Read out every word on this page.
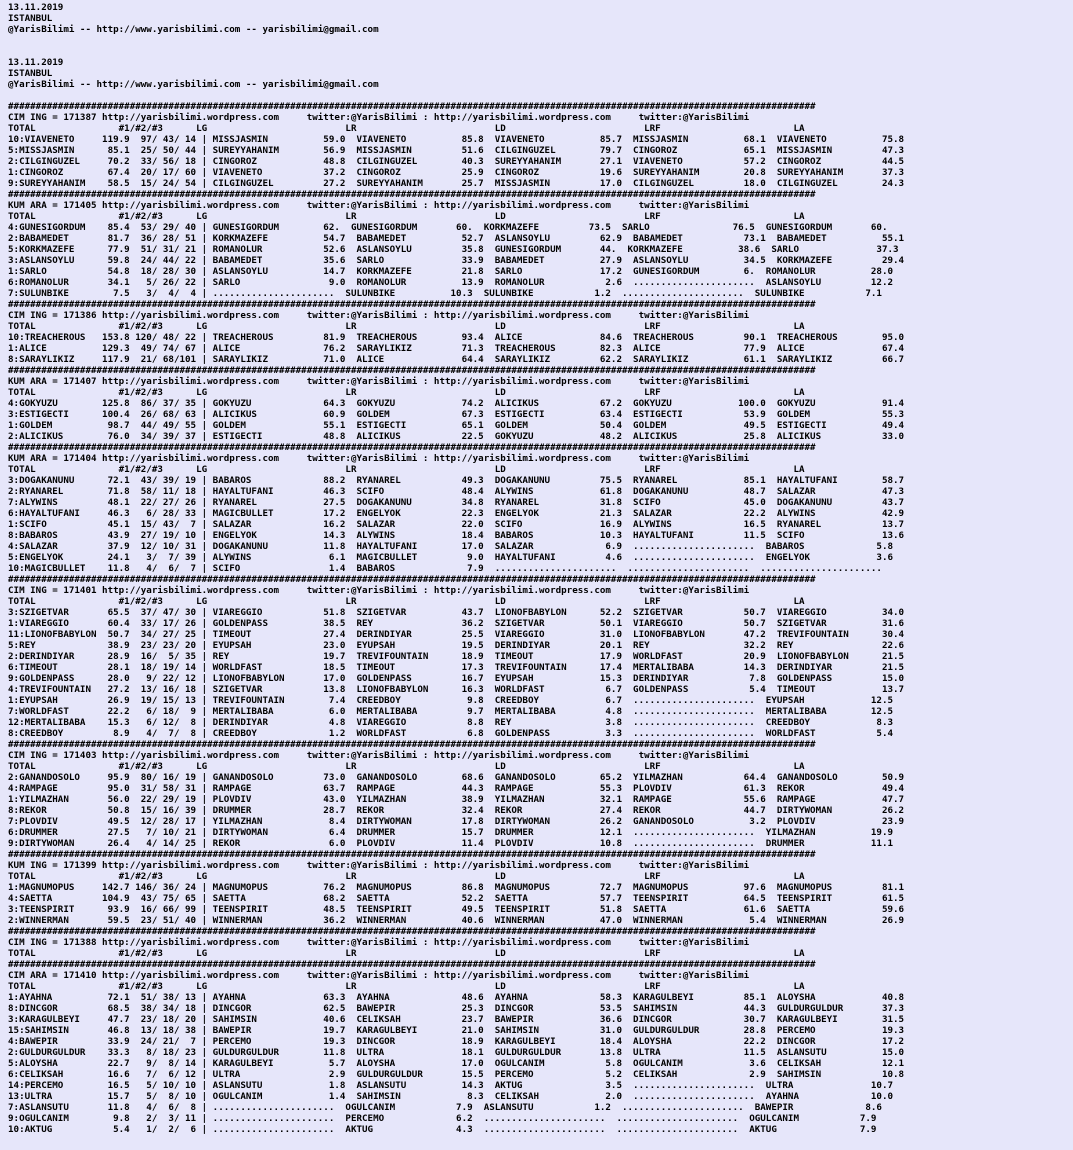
13.11.2019
ISTANBUL
@YarisBilimi -- http://www.yarisbilimi.com -- yarisbilimi@gmail.com

13.11.2019
ISTANBUL
@YarisBilimi -- http://www.yarisbilimi.com -- yarisbilimi@gmail.com

##################################################################################################################################################
CIM ING = 171387 http://yarisbilimi.wordpress.com     twitter:@YarisBilimi : http://yarisbilimi.wordpress.com     twitter:@YarisBilimi
TOTAL               #1/#2/#3      LG                         LR                         LD                         LRF                        LA
10:VIAVENETO     119.9  97/ 43/ 14 | MISSJASMIN          59.0  VIAVENETO          85.8  VIAVENETO          85.7  MISSJASMIN          68.1  VIAVENETO          75.8
5:MISSJASMIN      85.1  25/ 50/ 44 | SUREYYAHANIM        56.9  MISSJASMIN         51.6  CILGINGUZEL        79.7  CINGOROZ            65.1  MISSJASMIN         47.3
2:CILGINGUZEL     70.2  33/ 56/ 18 | CINGOROZ            48.8  CILGINGUZEL        40.3  SUREYYAHANIM       27.1  VIAVENETO           57.2  CINGOROZ           44.5
1:CINGOROZ        67.4  20/ 17/ 60 | VIAVENETO           37.2  CINGOROZ           25.9  CINGOROZ           19.6  SUREYYAHANIM        20.8  SUREYYAHANIM       37.3
9:SUREYYAHANIM    58.5  15/ 24/ 54 | CILGINGUZEL         27.2  SUREYYAHANIM       25.7  MISSJASMIN         17.0  CILGINGUZEL         18.0  CILGINGUZEL        24.3
##################################################################################################################################################
KUM ARA = 171405 http://yarisbilimi.wordpress.com     twitter:@YarisBilimi : http://yarisbilimi.wordpress.com     twitter:@YarisBilimi
TOTAL               #1/#2/#3      LG                         LR                         LD                         LRF                        LA
4:GUNESIGORDUM    85.4  53/ 29/ 40 | GUNESIGORDUM        62.  GUNESIGORDUM       60.  KORKMAZEFE         73.5  SARLO               76.5  GUNESIGORDUM       60.
2:BABAMEDET       81.7  36/ 28/ 51 | KORKMAZEFE          54.7  BABAMEDET          52.7  ASLANSOYLU         62.9  BABAMEDET           73.1  BABAMEDET          55.1
5:KORKMAZEFE      77.9  51/ 31/ 21 | ROMANOLUR           52.6  ASLANSOYLU         35.8  GUNESIGORDUM       44.  KORKMAZEFE          38.6  SARLO              37.3
3:ASLANSOYLU      59.8  24/ 44/ 22 | BABAMEDET           35.6  SARLO              33.9  BABAMEDET          27.9  ASLANSOYLU          34.5  KORKMAZEFE         29.4
1:SARLO           54.8  18/ 28/ 30 | ASLANSOYLU          14.7  KORKMAZEFE         21.8  SARLO              17.2  GUNESIGORDUM        6.  ROMANOLUR          28.0
6:ROMANOLUR       34.1   5/ 26/ 22 | SARLO                9.0  ROMANOLUR          13.9  ROMANOLUR           2.6  ......................  ASLANSOYLU         12.2
7:SULUNBIKE        7.5   3/  4/  4 | ......................  SULUNBIKE          10.3  SULUNBIKE           1.2  ......................  SULUNBIKE           7.1
##################################################################################################################################################
CIM ING = 171386 http://yarisbilimi.wordpress.com     twitter:@YarisBilimi : http://yarisbilimi.wordpress.com     twitter:@YarisBilimi
TOTAL               #1/#2/#3      LG                         LR                         LD                         LRF                        LA
10:TREACHEROUS   153.8 120/ 48/ 22 | TREACHEROUS         81.9  TREACHEROUS        93.4  ALICE              84.6  TREACHEROUS         90.1  TREACHEROUS        95.0
1:ALICE          129.3  49/ 74/ 67 | ALICE               76.2  SARAYLIKIZ         71.3  TREACHEROUS        82.3  ALICE               77.9  ALICE              67.4
8:SARAYLIKIZ     117.9  21/ 68/101 | SARAYLIKIZ          71.0  ALICE              64.4  SARAYLIKIZ         62.2  SARAYLIKIZ          61.1  SARAYLIKIZ         66.7
##################################################################################################################################################
KUM ARA = 171407 http://yarisbilimi.wordpress.com     twitter:@YarisBilimi : http://yarisbilimi.wordpress.com     twitter:@YarisBilimi
TOTAL               #1/#2/#3      LG                         LR                         LD                         LRF                        LA
4:GOKYUZU        125.8  86/ 37/ 35 | GOKYUZU             64.3  GOKYUZU            74.2  ALICIKUS           67.2  GOKYUZU            100.0  GOKYUZU            91.4
3:ESTIGECTI      100.4  26/ 68/ 63 | ALICIKUS            60.9  GOLDEM             67.3  ESTIGECTI          63.4  ESTIGECTI           53.9  GOLDEM             55.3
1:GOLDEM          98.7  44/ 49/ 55 | GOLDEM              55.1  ESTIGECTI          65.1  GOLDEM             50.4  GOLDEM              49.5  ESTIGECTI          49.4
2:ALICIKUS        76.0  34/ 39/ 37 | ESTIGECTI           48.8  ALICIKUS           22.5  GOKYUZU            48.2  ALICIKUS            25.8  ALICIKUS           33.0
##################################################################################################################################################
KUM ARA = 171404 http://yarisbilimi.wordpress.com     twitter:@YarisBilimi : http://yarisbilimi.wordpress.com     twitter:@YarisBilimi
TOTAL               #1/#2/#3      LG                         LR                         LD                         LRF                        LA
3:DOGAKANUNU      72.1  43/ 39/ 19 | BABAROS             88.2  RYANAREL           49.3  DOGAKANUNU         75.5  RYANAREL            85.1  HAYALTUFANI        58.7
2:RYANAREL        71.8  58/ 11/ 18 | HAYALTUFANI         46.3  SCIFO              48.4  ALYWINS            61.8  DOGAKANUNU          48.7  SALAZAR            47.3
7:ALYWINS         48.1  22/ 27/ 26 | RYANAREL            27.5  DOGAKANUNU         34.8  RYANAREL           31.8  SCIFO               45.0  DOGAKANUNU         43.7
6:HAYALTUFANI     46.3   6/ 28/ 33 | MAGICBULLET         17.2  ENGELYOK           22.3  ENGELYOK           21.3  SALAZAR             22.2  ALYWINS            42.9
1:SCIFO           45.1  15/ 43/  7 | SALAZAR             16.2  SALAZAR            22.0  SCIFO              16.9  ALYWINS             16.5  RYANAREL           13.7
8:BABAROS         43.9  27/ 19/ 10 | ENGELYOK            14.3  ALYWINS            18.4  BABAROS            10.3  HAYALTUFANI         11.5  SCIFO              13.6
4:SALAZAR         37.9  12/ 10/ 31 | DOGAKANUNU          11.8  HAYALTUFANI        17.0  SALAZAR             6.9  ......................  BABAROS             5.8
5:ENGELYOK        24.1   3/  7/ 39 | ALYWINS              6.1  MAGICBULLET         9.0  HAYALTUFANI         4.6  ......................  ENGELYOK            3.6
10:MAGICBULLET    11.8   4/  6/  7 | SCIFO                1.4  BABAROS             7.9  ......................  ......................  ......................
##################################################################################################################################################
CIM ING = 171401 http://yarisbilimi.wordpress.com     twitter:@YarisBilimi : http://yarisbilimi.wordpress.com     twitter:@YarisBilimi
TOTAL               #1/#2/#3      LG                         LR                         LD                         LRF                        LA
3:SZIGETVAR       65.5  37/ 47/ 30 | VIAREGGIO           51.8  SZIGETVAR          43.7  LIONOFBABYLON      52.2  SZIGETVAR           50.7  VIAREGGIO          34.0
1:VIAREGGIO       60.4  33/ 17/ 26 | GOLDENPASS          38.5  REY                36.2  SZIGETVAR          50.1  VIAREGGIO           50.7  SZIGETVAR          31.6
11:LIONOFBABYLON  50.7  34/ 27/ 25 | TIMEOUT             27.4  DERINDIYAR         25.5  VIAREGGIO          31.0  LIONOFBABYLON       47.2  TREVIFOUNTAIN      30.4
5:REY             38.9  23/ 23/ 20 | EYUPSAH             23.0  EYUPSAH            19.5  DERINDIYAR         20.1  REY                 32.2  REY                22.6
2:DERINDIYAR      28.9  16/  5/ 35 | REY                 19.7  TREVIFOUNTAIN      18.9  TIMEOUT            17.9  WORLDFAST           20.9  LIONOFBABYLON      21.5
6:TIMEOUT         28.1  18/ 19/ 14 | WORLDFAST           18.5  TIMEOUT            17.3  TREVIFOUNTAIN      17.4  MERTALIBABA         14.3  DERINDIYAR         21.5
9:GOLDENPASS      28.0   9/ 22/ 12 | LIONOFBABYLON       17.0  GOLDENPASS         16.7  EYUPSAH            15.3  DERINDIYAR           7.8  GOLDENPASS         15.0
4:TREVIFOUNTAIN   27.2  13/ 16/ 18 | SZIGETVAR           13.8  LIONOFBABYLON      16.3  WORLDFAST           6.7  GOLDENPASS           5.4  TIMEOUT            13.7
1:EYUPSAH         26.9  19/ 15/ 13 | TREVIFOUNTAIN        7.4  CREEDBOY            9.8  CREEDBOY            6.7  ......................  EYUPSAH            12.5
7:WORLDFAST       22.2   6/ 18/  9 | MERTALIBABA          6.0  MERTALIBABA         9.7  MERTALIBABA         4.8  ......................  MERTALIBABA        12.5
12:MERTALIBABA    15.3   6/ 12/  8 | DERINDIYAR           4.8  VIAREGGIO           8.8  REY                 3.8  ......................  CREEDBOY            8.3
8:CREEDBOY         8.9   4/  7/  8 | CREEDBOY             1.2  WORLDFAST           6.8  GOLDENPASS          3.3  ......................  WORLDFAST           5.4
##################################################################################################################################################
CIM ING = 171403 http://yarisbilimi.wordpress.com     twitter:@YarisBilimi : http://yarisbilimi.wordpress.com     twitter:@YarisBilimi
TOTAL               #1/#2/#3      LG                         LR                         LD                         LRF                        LA
2:GANANDOSOLO     95.9  80/ 16/ 19 | GANANDOSOLO         73.0  GANANDOSOLO        68.6  GANANDOSOLO        65.2  YILMAZHAN           64.4  GANANDOSOLO        50.9
4:RAMPAGE         95.0  31/ 58/ 31 | RAMPAGE             63.7  RAMPAGE            44.3  RAMPAGE            55.3  PLOVDIV             61.3  REKOR              49.4
1:YILMAZHAN       56.0  22/ 29/ 19 | PLOVDIV             43.0  YILMAZHAN          38.9  YILMAZHAN          32.1  RAMPAGE             55.6  RAMPAGE            47.7
8:REKOR           50.8  15/ 16/ 39 | DRUMMER             28.7  REKOR              32.4  REKOR              27.4  REKOR               44.7  DIRTYWOMAN         26.2
7:PLOVDIV         49.5  12/ 28/ 17 | YILMAZHAN            8.4  DIRTYWOMAN         17.8  DIRTYWOMAN         26.2  GANANDOSOLO          3.2  PLOVDIV            23.9
6:DRUMMER         27.5   7/ 10/ 21 | DIRTYWOMAN           6.4  DRUMMER            15.7  DRUMMER            12.1  ......................  YILMAZHAN          19.9
9:DIRTYWOMAN      26.4   4/ 14/ 25 | REKOR                6.0  PLOVDIV            11.4  PLOVDIV            10.8  ......................  DRUMMER            11.1
##################################################################################################################################################
KUM ING = 171399 http://yarisbilimi.wordpress.com     twitter:@YarisBilimi : http://yarisbilimi.wordpress.com     twitter:@YarisBilimi
TOTAL               #1/#2/#3      LG                         LR                         LD                         LRF                        LA
1:MAGNUMOPUS     142.7 146/ 36/ 24 | MAGNUMOPUS          76.2  MAGNUMOPUS         86.8  MAGNUMOPUS         72.7  MAGNUMOPUS          97.6  MAGNUMOPUS         81.1
4:SAETTA         104.9  43/ 75/ 65 | SAETTA              68.2  SAETTA             52.2  SAETTA             57.7  TEENSPIRIT          64.5  TEENSPIRIT         61.5
3:TEENSPIRIT      93.9  16/ 66/ 99 | TEENSPIRIT          48.5  TEENSPIRIT         49.5  TEENSPIRIT         51.8  SAETTA              61.6  SAETTA             59.6
2:WINNERMAN       59.5  23/ 51/ 40 | WINNERMAN           36.2  WINNERMAN          40.6  WINNERMAN          47.0  WINNERMAN            5.4  WINNERMAN          26.9
##################################################################################################################################################
CIM ING = 171388 http://yarisbilimi.wordpress.com     twitter:@YarisBilimi : http://yarisbilimi.wordpress.com     twitter:@YarisBilimi
TOTAL               #1/#2/#3      LG                         LR                         LD                         LRF                        LA
##################################################################################################################################################
CIM ARA = 171410 http://yarisbilimi.wordpress.com     twitter:@YarisBilimi : http://yarisbilimi.wordpress.com     twitter:@YarisBilimi
TOTAL               #1/#2/#3      LG                         LR                         LD                         LRF                        LA
1:AYAHNA          72.1  51/ 38/ 13 | AYAHNA              63.3  AYAHNA             48.6  AYAHNA             58.3  KARAGULBEYI         85.1  ALOYSHA            40.8
8:DINCGOR         68.5  38/ 34/ 18 | DINCGOR             62.5  BAWEPIR            25.3  DINCGOR            53.5  SAHIMSIN            44.3  GULDURGULDUR       37.3
3:KARAGULBEYI     47.7  23/ 18/ 20 | SAHIMSIN            40.6  CELIKSAH           23.7  BAWEPIR            36.6  DINCGOR             30.7  KARAGULBEYI        31.5
15:SAHIMSIN       46.8  13/ 18/ 38 | BAWEPIR             19.7  KARAGULBEYI        21.0  SAHIMSIN           31.0  GULDURGULDUR        28.8  PERCEMO            19.3
4:BAWEPIR         33.9  24/ 21/  7 | PERCEMO             19.3  DINCGOR            18.9  KARAGULBEYI        18.4  ALOYSHA             22.2  DINCGOR            17.2
2:GULDURGULDUR    33.3   8/ 18/ 23 | GULDURGULDUR        11.8  ULTRA              18.1  GULDURGULDUR       13.8  ULTRA               11.5  ASLANSUTU          15.0
5:ALOYSHA         22.7   9/  8/ 14 | KARAGULBEYI          5.7  ALOYSHA            17.0  OGULCANIM           5.8  OGULCANIM            3.6  CELIKSAH           12.1
6:CELIKSAH        16.6   7/  6/ 12 | ULTRA                2.9  GULDURGULDUR       15.5  PERCEMO             5.2  CELIKSAH             2.9  SAHIMSIN           10.8
14:PERCEMO        16.5   5/ 10/ 10 | ASLANSUTU            1.8  ASLANSUTU          14.3  AKTUG               3.5  ......................  ULTRA              10.7
13:ULTRA          15.7   5/  8/ 10 | OGULCANIM            1.4  SAHIMSIN            8.3  CELIKSAH            2.0  ......................  AYAHNA             10.0
7:ASLANSUTU       11.8   4/  6/  8 | ......................  OGULCANIM           7.9  ASLANSUTU           1.2  ......................  BAWEPIR             8.6
9:OGULCANIM        9.8   2/  3/ 11 | ......................  PERCEMO             6.2  ......................  ......................  OGULCANIM           7.9
10:AKTUG           5.4   1/  2/  6 | ......................  AKTUG               4.3  ......................  ......................  AKTUG               7.9
